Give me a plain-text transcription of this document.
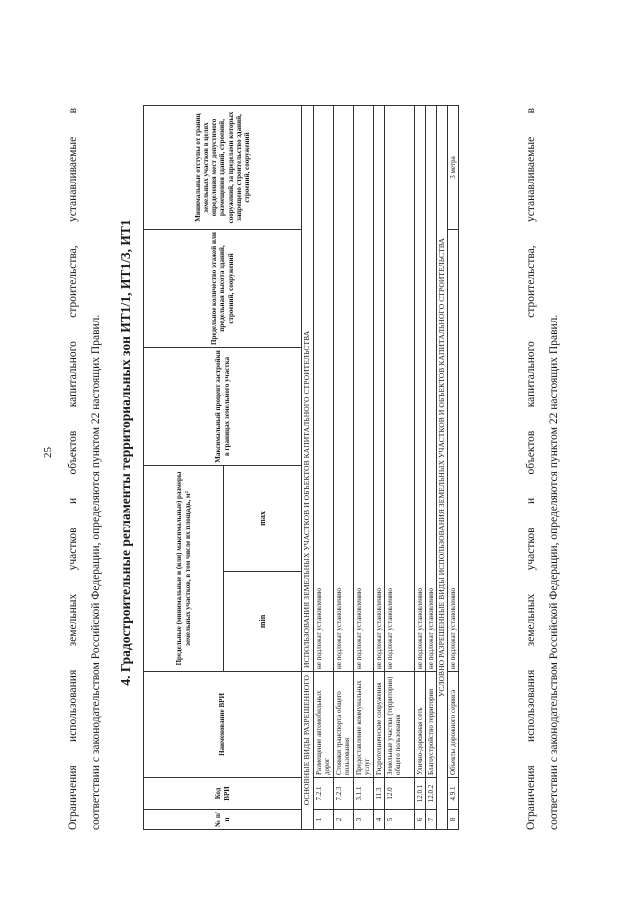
25	Ограничения использования земельных участков и объектов капитального строительства, устанавливаемые в соответствии с законодательством Российской Федерации, определяются пунктом 22 настоящих Правил.	4. Градостроительные регламенты территориальных зон ИТ1/1, ИТ1/3, ИТ1
№ п/п	Код ВРИ	Наименование ВРИ	Предельные (минимальные и (или) максимальные) размеры земельных участков, в том числе их площадь, м²		Максимальный процент застройки в границах земельного участка	Предельное количество этажей или предельная высота зданий, строений, сооружений	Минимальные отступы от границ земельных участков в целях определения мест допустимого размещения зданий, строений, сооружений, за пределами которых запрещено строительство зданий, строений, сооружений
			min	max			
ОСНОВНЫЕ ВИДЫ РАЗРЕШЕННОГО			ИСПОЛЬЗОВАНИЯ ЗЕМЕЛЬНЫХ УЧАСТКОВ И ОБЪЕКТОВ КАПИТАЛЬНОГО СТРОИТЕЛЬСТВА				
1	7.2.1	Размещение автомобильных дорог	не подлежат установлению				
2	7.2.3	Стоянки транспорта общего пользования	не подлежат установлению				
3	3.1.1	Предоставление коммунальных услуг	не подлежат установлению				
4	11.3	Гидротехнические сооружения	не подлежат установлению				
5	12.0	Земельные участки (территории) общего пользования	не подлежат установлению				
6	12.0.1	Улично-дорожная сеть	не подлежат установлению				
7	12.0.2	Благоустройство территории	не подлежат установлению				
УСЛОВНО РАЗРЕШЕННЫЕ ВИДЫ ИСПОЛЬЗОВАНИЯ ЗЕМЕЛЬНЫХ УЧАСТКОВ И ОБЪЕКТОВ КАПИТАЛЬНОГО СТРОИТЕЛЬСТВА							
8	4.9.1	Объекты дорожного сервиса	не подлежат установлению				3 метра	Ограничения использования земельных участков и объектов капитального строительства, устанавливаемые в соответствии с законодательством Российской Федерации, определяются пунктом 22 настоящих Правил.
